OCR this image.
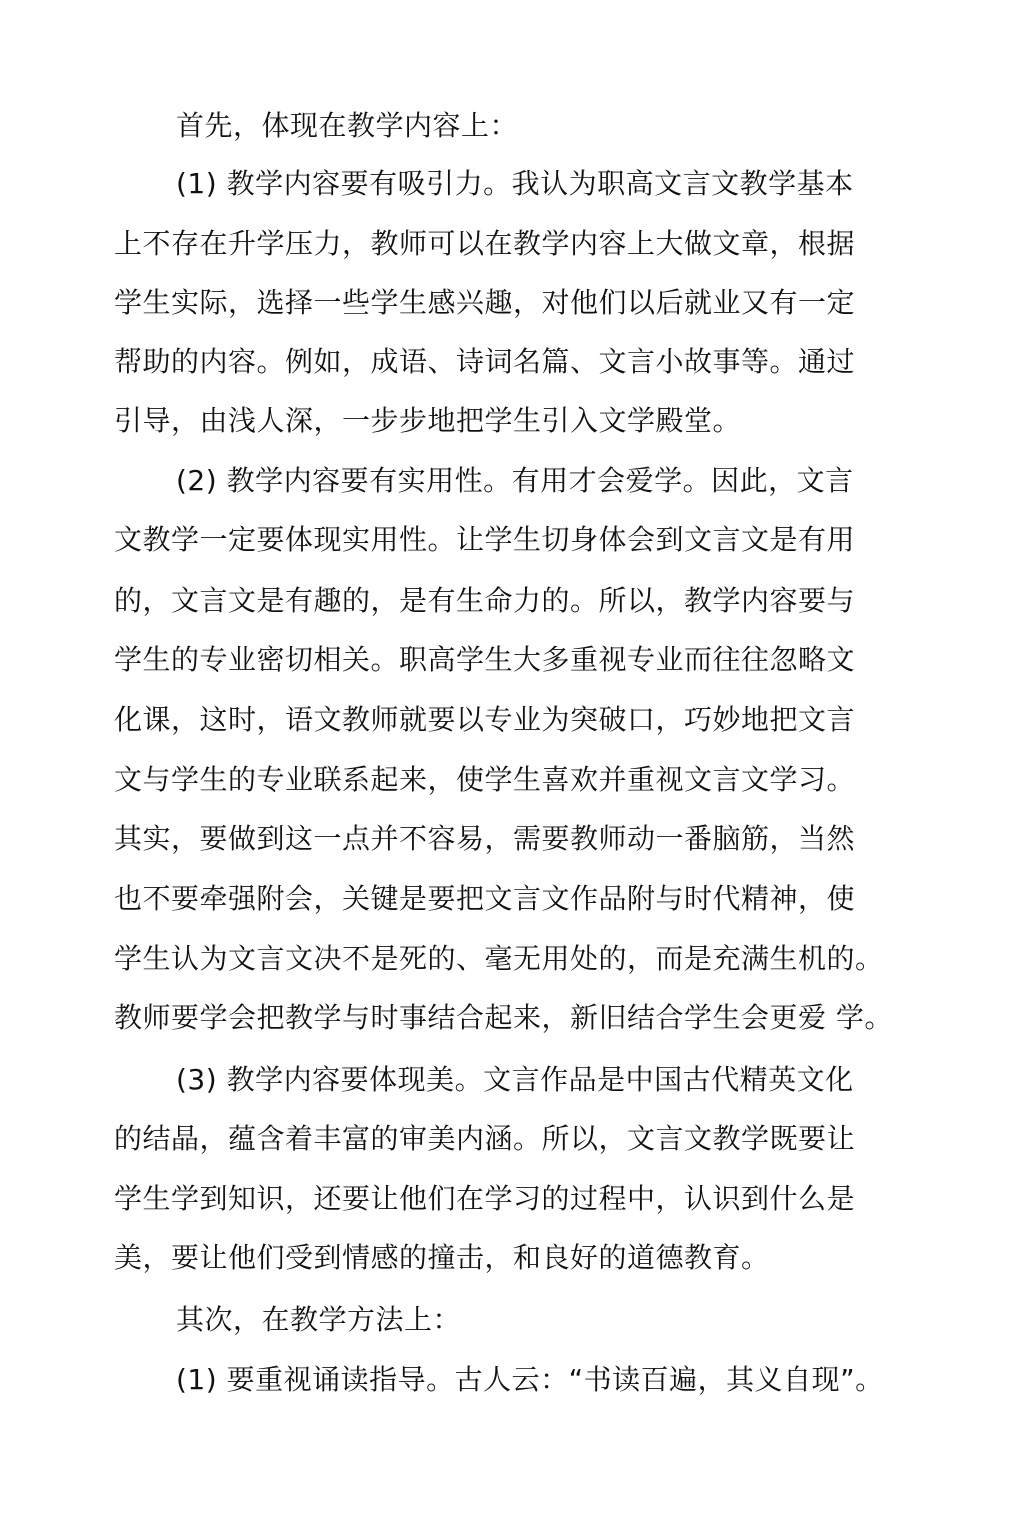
首先，体现在教学内容上：
(1) 教学内容要有吸引力。我认为职高文言文教学基本
上不存在升学压力，教师可以在教学内容上大做文章，根据
学生实际，选择一些学生感兴趣，对他们以后就业又有一定
帮助的内容。例如，成语、诗词名篇、文言小故事等。通过
引导，由浅人深，一步步地把学生引入文学殿堂。
(2) 教学内容要有实用性。有用才会爱学。因此，文言
文教学一定要体现实用性。让学生切身体会到文言文是有用
的，文言文是有趣的，是有生命力的。所以，教学内容要与
学生的专业密切相关。职高学生大多重视专业而往往忽略文
化课，这时，语文教师就要以专业为突破口，巧妙地把文言
文与学生的专业联系起来，使学生喜欢并重视文言文学习。
其实，要做到这一点并不容易，需要教师动一番脑筋，当然
也不要牵强附会，关键是要把文言文作品附与时代精神，使
学生认为文言文决不是死的、毫无用处的，而是充满生机的。
教师要学会把教学与时事结合起来，新旧结合学生会更爱 学。
(3) 教学内容要体现美。文言作品是中国古代精英文化
的结晶，蕴含着丰富的审美内涵。所以，文言文教学既要让
学生学到知识，还要让他们在学习的过程中，认识到什么是
美，要让他们受到情感的撞击，和良好的道德教育。
其次，在教学方法上：
(1) 要重视诵读指导。古人云：“书读百遍，其义自现”。
